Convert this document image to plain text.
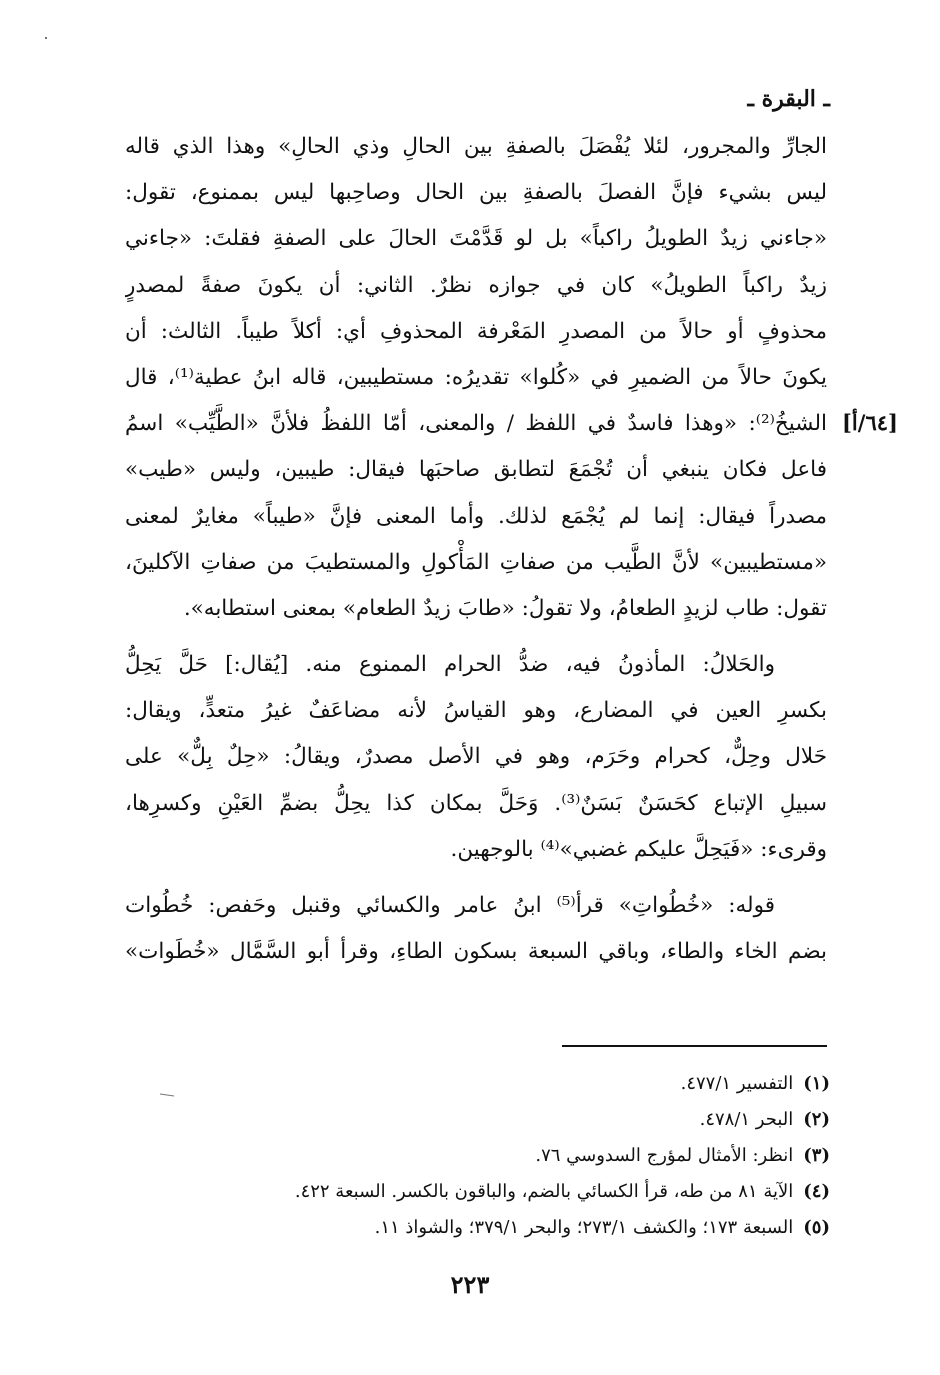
ـ البقرة ـ
[٦٤/أ]

الجارِّ والمجرور، لئلا يُفْصَلَ بالصفةِ بين الحالِ وذي الحالِ» وهذا الذي قاله
ليس بشيء فإنَّ الفصلَ بالصفةِ بين الحال وصاحِبها ليس بممنوع، تقول:
«جاءني زيدٌ الطويلُ راكباً» بل لو قَدَّمْتَ الحالَ على الصفةِ فقلتَ: «جاءني
زيدٌ راكباً الطويلُ» كان في جوازه نظرٌ. الثاني: أن يكونَ صفةً لمصدرٍ
محذوفٍ أو حالاً من المصدرِ المَعْرفة المحذوفِ أي: أكلاً طيباً. الثالث: أن
يكونَ حالاً من الضميرِ في «كُلوا» تقديرُه: مستطيبين، قاله ابنُ عطية⁽¹⁾، قال
الشيخُ⁽²⁾: «وهذا فاسدٌ في اللفظ / والمعنى، أمّا اللفظُ فلأنَّ «الطَّيِّب» اسمُ
فاعل فكان ينبغي أن تُجْمَعَ لتطابق صاحبَها فيقال: طيبين، وليس «طيب»
مصدراً فيقال: إنما لم يُجْمَع لذلك. وأما المعنى فإنَّ «طيباً» مغايرٌ لمعنى
«مستطيبين» لأنَّ الطَّيب من صفاتِ المَأْكولِ والمستطيبَ من صفاتِ الآكلينَ،
تقول: طاب لزيدٍ الطعامُ، ولا تقولُ: «طابَ زيدٌ الطعام» بمعنى استطابه».

والحَلالُ: المأذونُ فيه، ضدُّ الحرام الممنوع منه. [يُقال:] حَلَّ يَحِلُّ
بكسرِ العين في المضارع، وهو القياسُ لأنه مضاعَفٌ غيرُ متعدٍّ، ويقال:
حَلال وحِلٌّ، كحرام وحَرَم، وهو في الأصل مصدرٌ، ويقالُ: «حِلٌ بِلٌّ» على
سبيلِ الإتباع كحَسَنٌ بَسَنٌ⁽³⁾. وَحَلَّ بمكان كذا يحِلُّ بضمِّ العَيْنِ وكسرِها،
وقرىء: «فَيَحِلَّ عليكم غضبي»⁽⁴⁾ بالوجهين.

قوله: «خُطُواتِ» قرأ⁽⁵⁾ ابنُ عامر والكسائي وقنبل وحَفص: خُطُوات
بضم الخاء والطاء، وباقي السبعة بسكون الطاءِ، وقرأ أبو السَّمَّال «خُطَوات»

(١)التفسير ٤٧٧/١.
(٢)البحر ٤٧٨/١.
(٣)انظر: الأمثال لمؤرج السدوسي ٧٦.
(٤)الآية ٨١ من طه، قرأ الكسائي بالضم، والباقون بالكسر. السبعة ٤٢٢.
(٥)السبعة ١٧٣؛ والكشف ٢٧٣/١؛ والبحر ٣٧٩/١؛ والشواذ ١١.
٢٢٣
